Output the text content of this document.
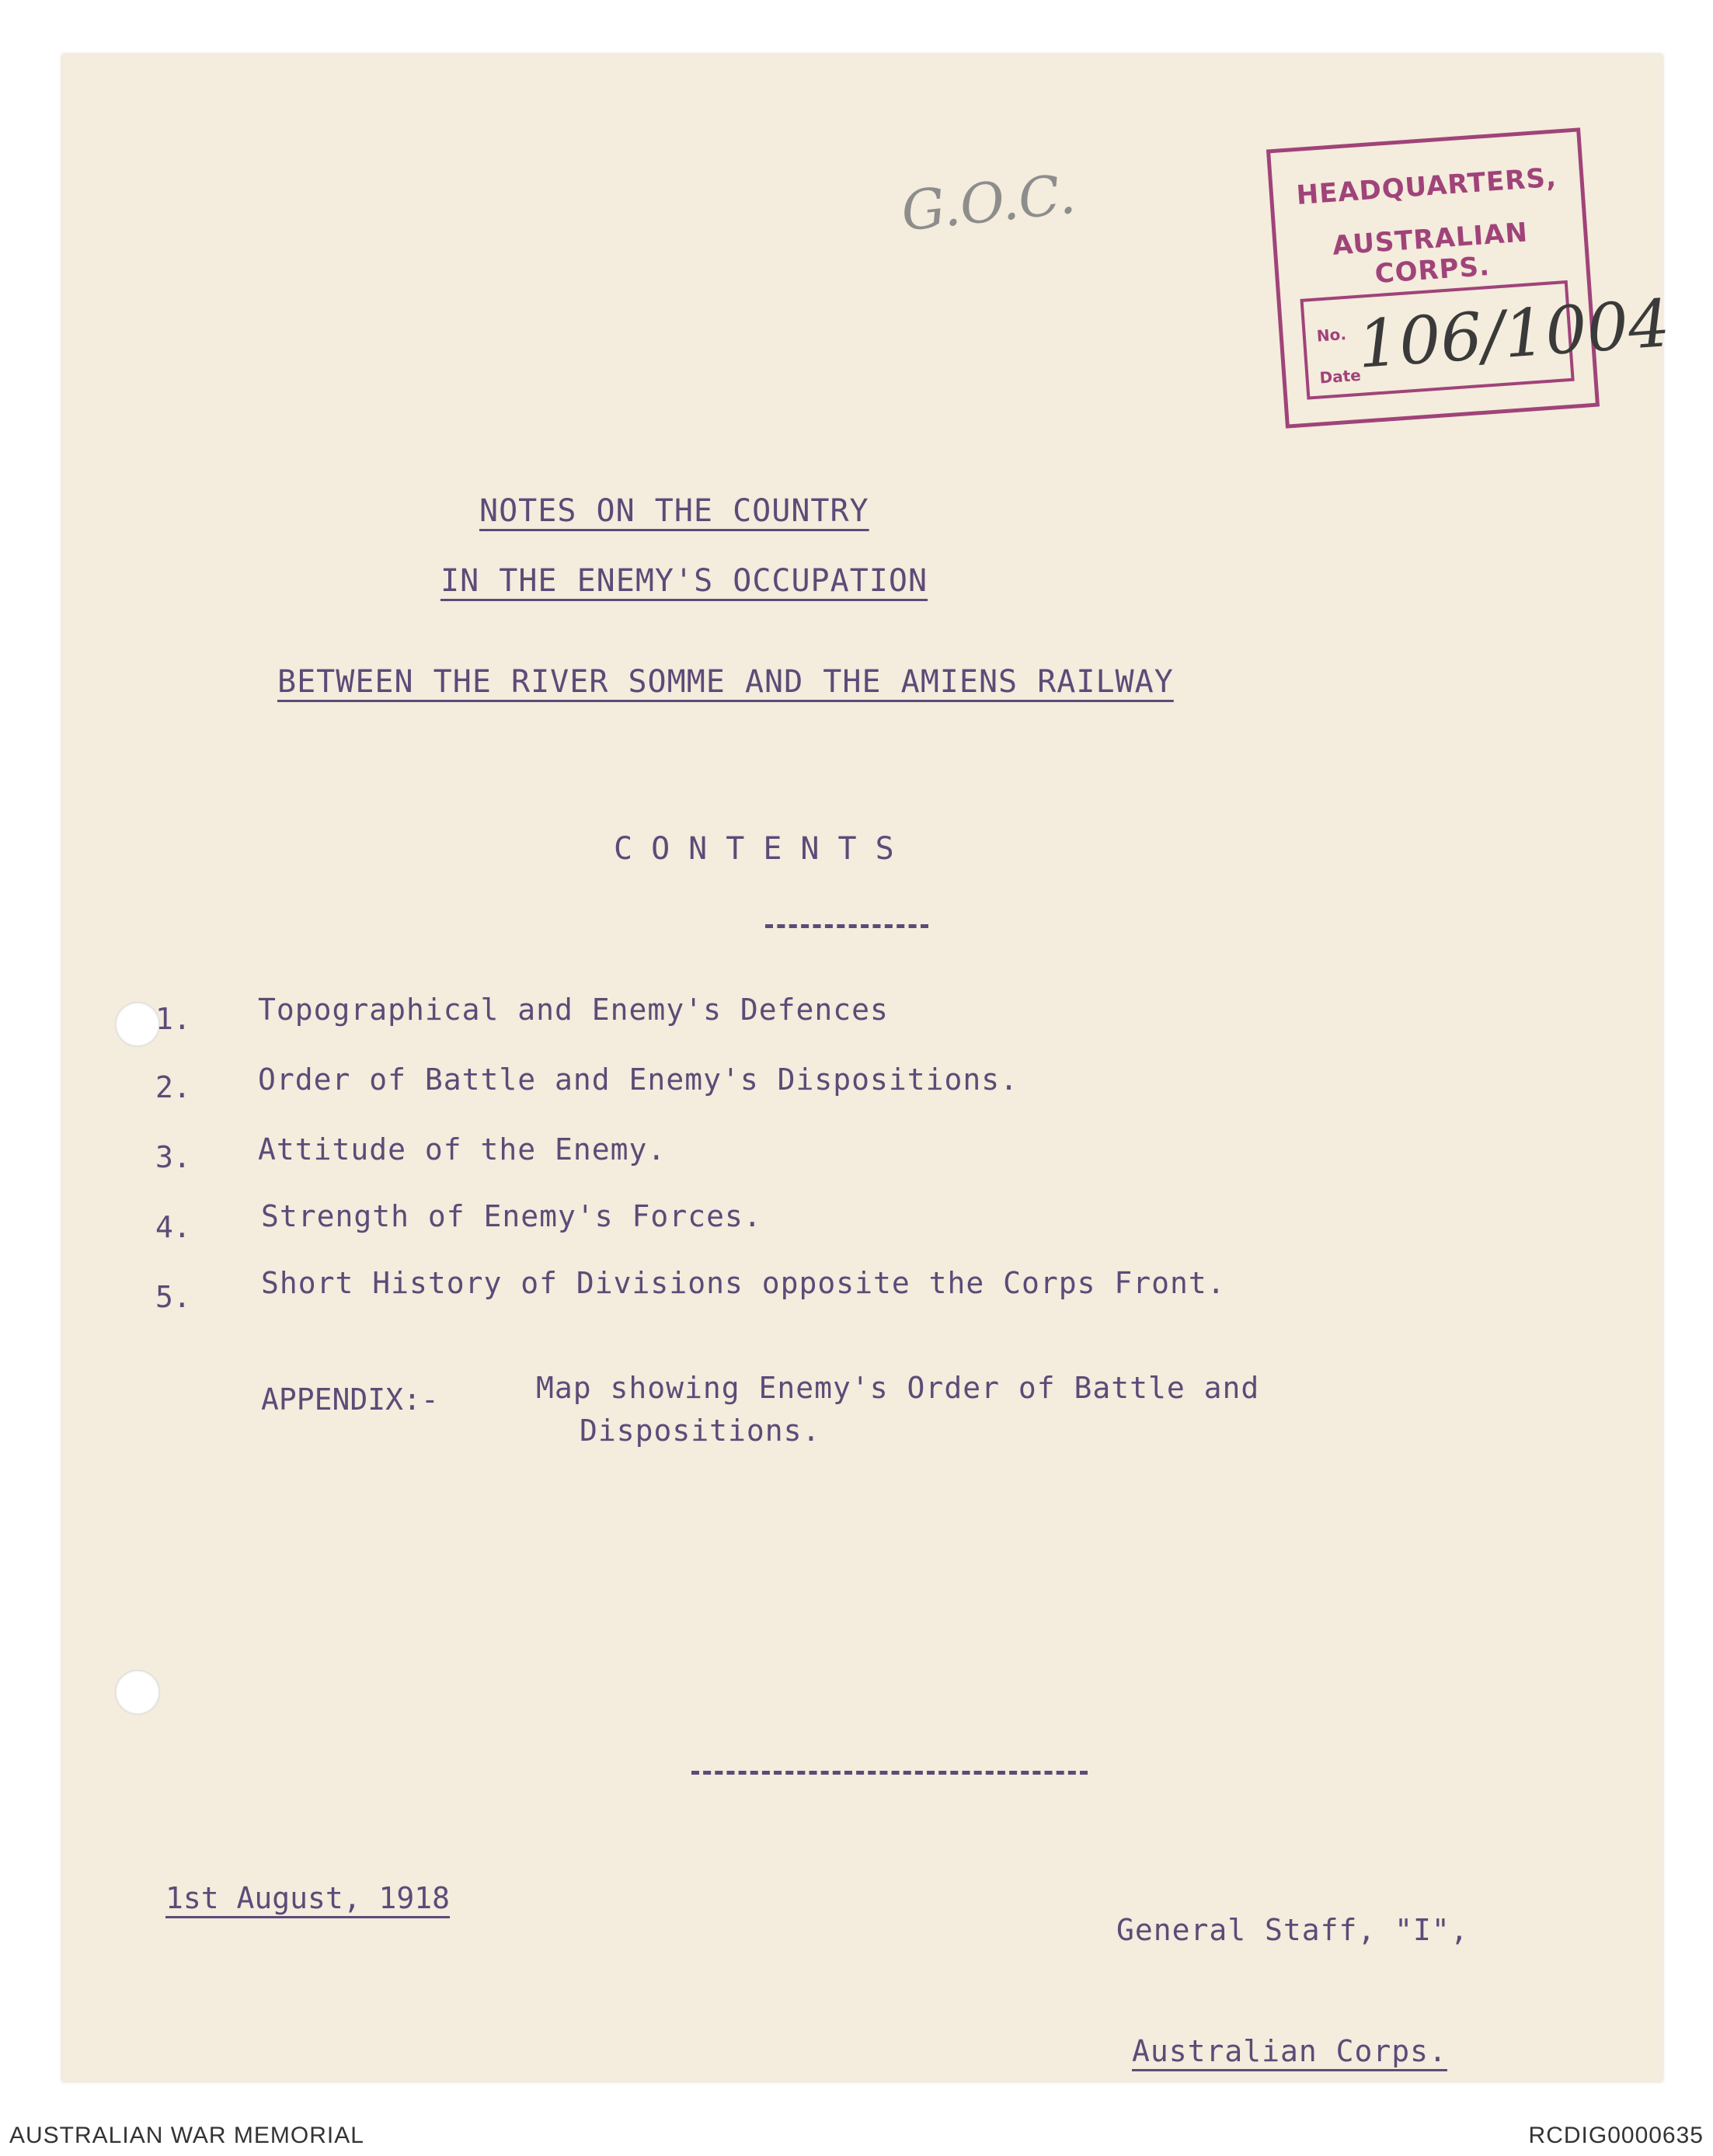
G.O.C.	HEADQUARTERS,
AUSTRALIAN CORPS.
No.
Date
106/1004
NOTES ON THE COUNTRY
IN THE ENEMY'S OCCUPATION
BETWEEN THE RIVER SOMME AND THE AMIENS RAILWAY
CONTENTS
1. Topographical and Enemy's Defences
2. Order of Battle and Enemy's Dispositions.
3. Attitude of the Enemy.
4. Strength of Enemy's Forces.
5. Short History of Divisions opposite the Corps Front.
APPENDIX:-	Map showing Enemy's Order of Battle and
Dispositions.
1st August, 1918

General Staff, "I",

Australian Corps.

AUSTRALIAN WAR MEMORIAL	RCDIG0000635
